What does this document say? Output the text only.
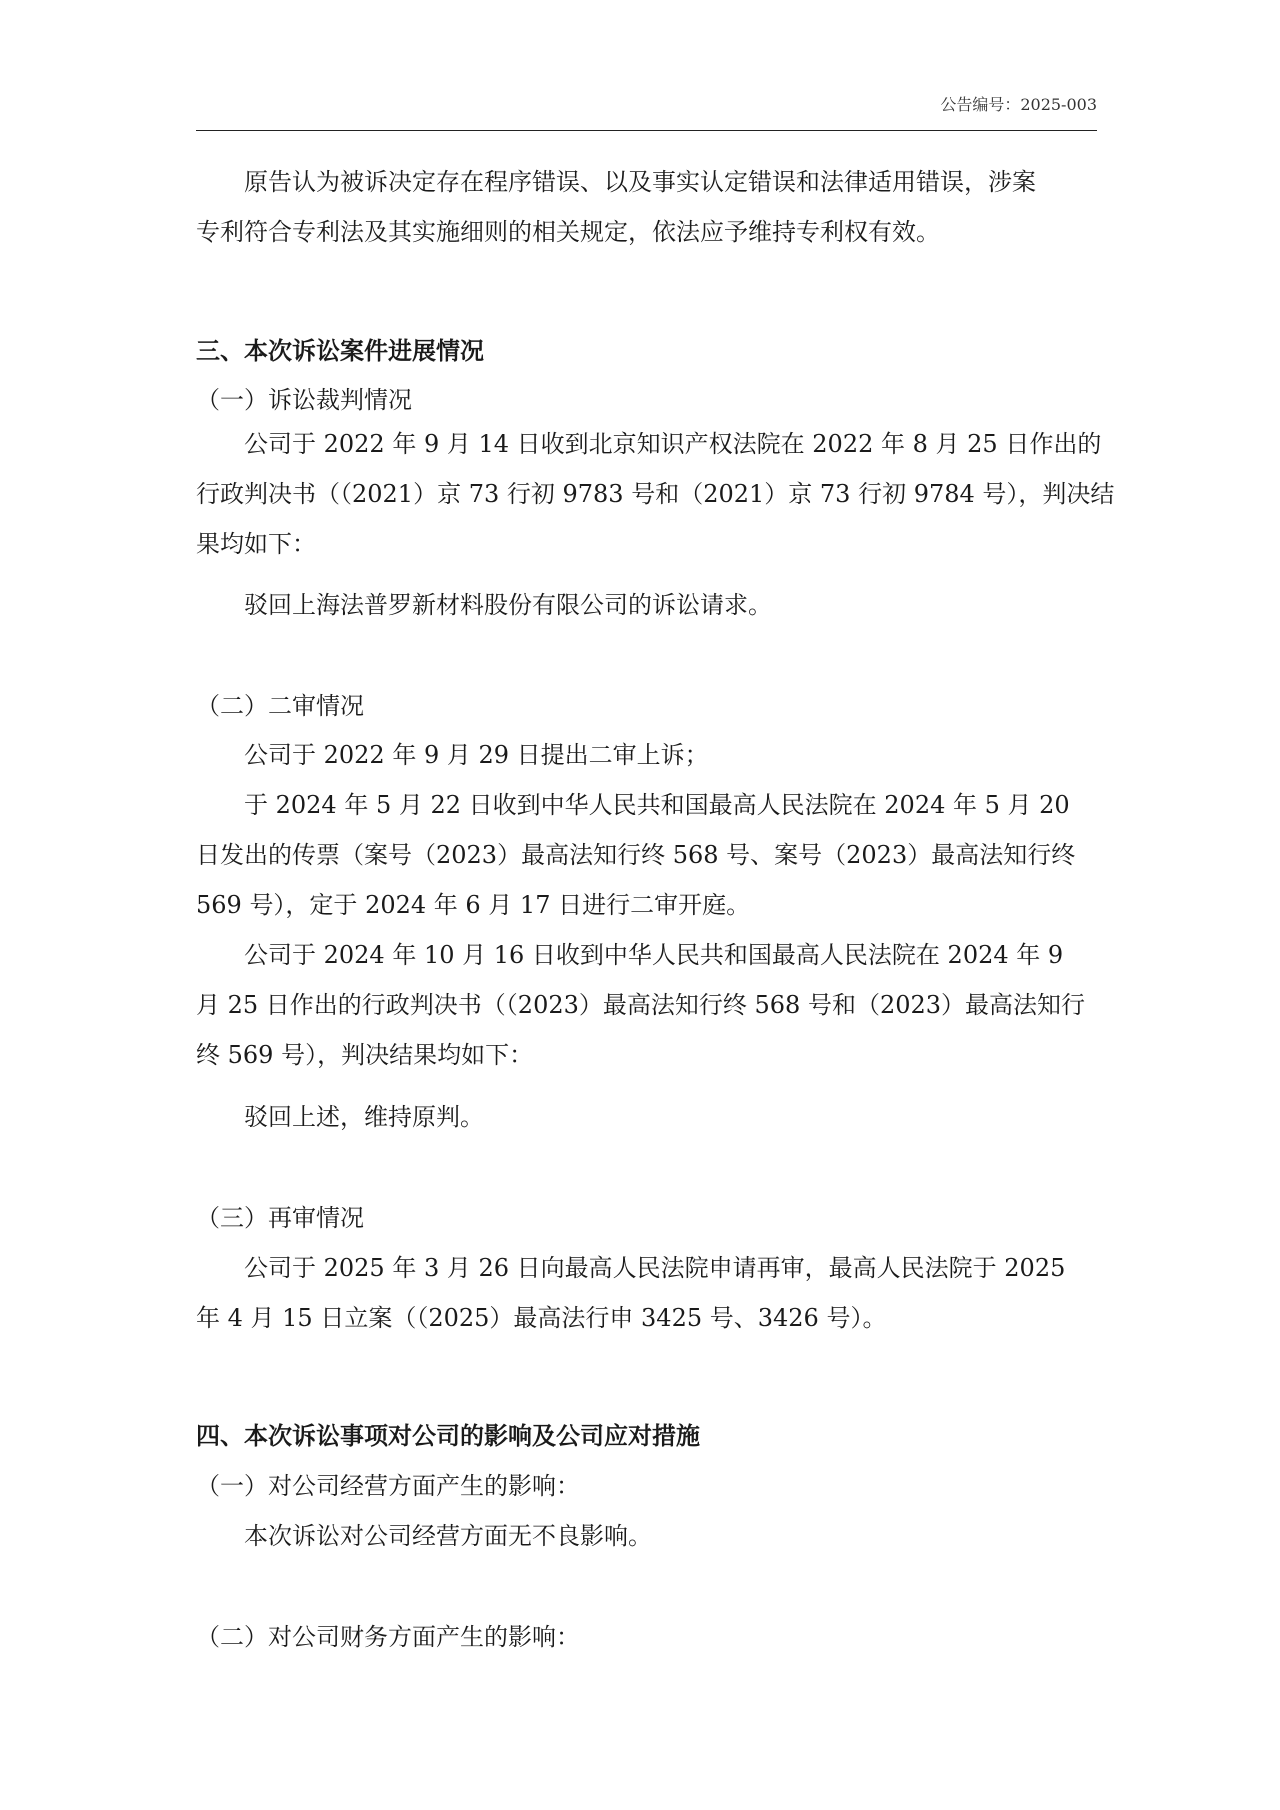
公告编号：2025-003
原告认为被诉决定存在程序错误、以及事实认定错误和法律适用错误，涉案
专利符合专利法及其实施细则的相关规定，依法应予维持专利权有效。
三、本次诉讼案件进展情况
（一）诉讼裁判情况
公司于 2022 年 9 月 14 日收到北京知识产权法院在 2022 年 8 月 25 日作出的
行政判决书（（2021）京 73 行初 9783 号和（2021）京 73 行初 9784 号），判决结
果均如下：
驳回上海法普罗新材料股份有限公司的诉讼请求。
（二）二审情况
公司于 2022 年 9 月 29 日提出二审上诉；
于 2024 年 5 月 22 日收到中华人民共和国最高人民法院在 2024 年 5 月 20
日发出的传票（案号（2023）最高法知行终 568 号、案号（2023）最高法知行终
569 号），定于 2024 年 6 月 17 日进行二审开庭。
公司于 2024 年 10 月 16 日收到中华人民共和国最高人民法院在 2024 年 9
月 25 日作出的行政判决书（（2023）最高法知行终 568 号和（2023）最高法知行
终 569 号），判决结果均如下：
驳回上述，维持原判。
（三）再审情况
公司于 2025 年 3 月 26 日向最高人民法院申请再审，最高人民法院于 2025
年 4 月 15 日立案（（2025）最高法行申 3425 号、3426 号）。
四、本次诉讼事项对公司的影响及公司应对措施
（一）对公司经营方面产生的影响：
本次诉讼对公司经营方面无不良影响。
（二）对公司财务方面产生的影响：
